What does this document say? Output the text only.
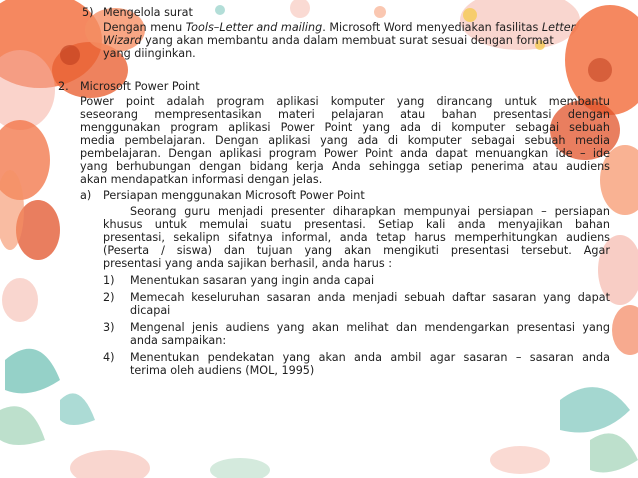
5) Mengelola surat
Dengan menu Tools–Letter and mailing. Microsoft Word menyediakan fasilitas Letter
Wizard yang akan membantu anda dalam membuat surat sesuai dengan format
yang diinginkan.
2. Microsoft Power Point
Power point adalah program aplikasi komputer yang dirancang untuk membantu
seseorang mempresentasikan materi pelajaran atau bahan presentasi dengan
menggunakan program aplikasi Power Point yang ada di komputer sebagai sebuah
media pembelajaran. Dengan aplikasi yang ada di komputer sebagai sebuah media
pembelajaran. Dengan aplikasi program Power Point anda dapat menuangkan ide – ide
yang berhubungan dengan bidang kerja Anda sehingga setiap penerima atau audiens
akan mendapatkan informasi dengan jelas.
a) Persiapan menggunakan Microsoft Power Point
Seorang guru menjadi presenter diharapkan mempunyai persiapan – persiapan
khusus untuk memulai suatu presentasi. Setiap kali anda menyajikan bahan
presentasi, sekalipn sifatnya informal, anda tetap harus memperhitungkan audiens
(Peserta / siswa) dan tujuan yang akan mengikuti presentasi tersebut. Agar
presentasi yang anda sajikan berhasil, anda harus :
1) Menentukan sasaran yang ingin anda capai
2) Memecah keseluruhan sasaran anda menjadi sebuah daftar sasaran yang dapat
dicapai
3) Mengenal jenis audiens yang akan melihat dan mendengarkan presentasi yang
anda sampaikan:
4) Menentukan pendekatan yang akan anda ambil agar sasaran – sasaran anda
terima oleh audiens (MOL, 1995)
